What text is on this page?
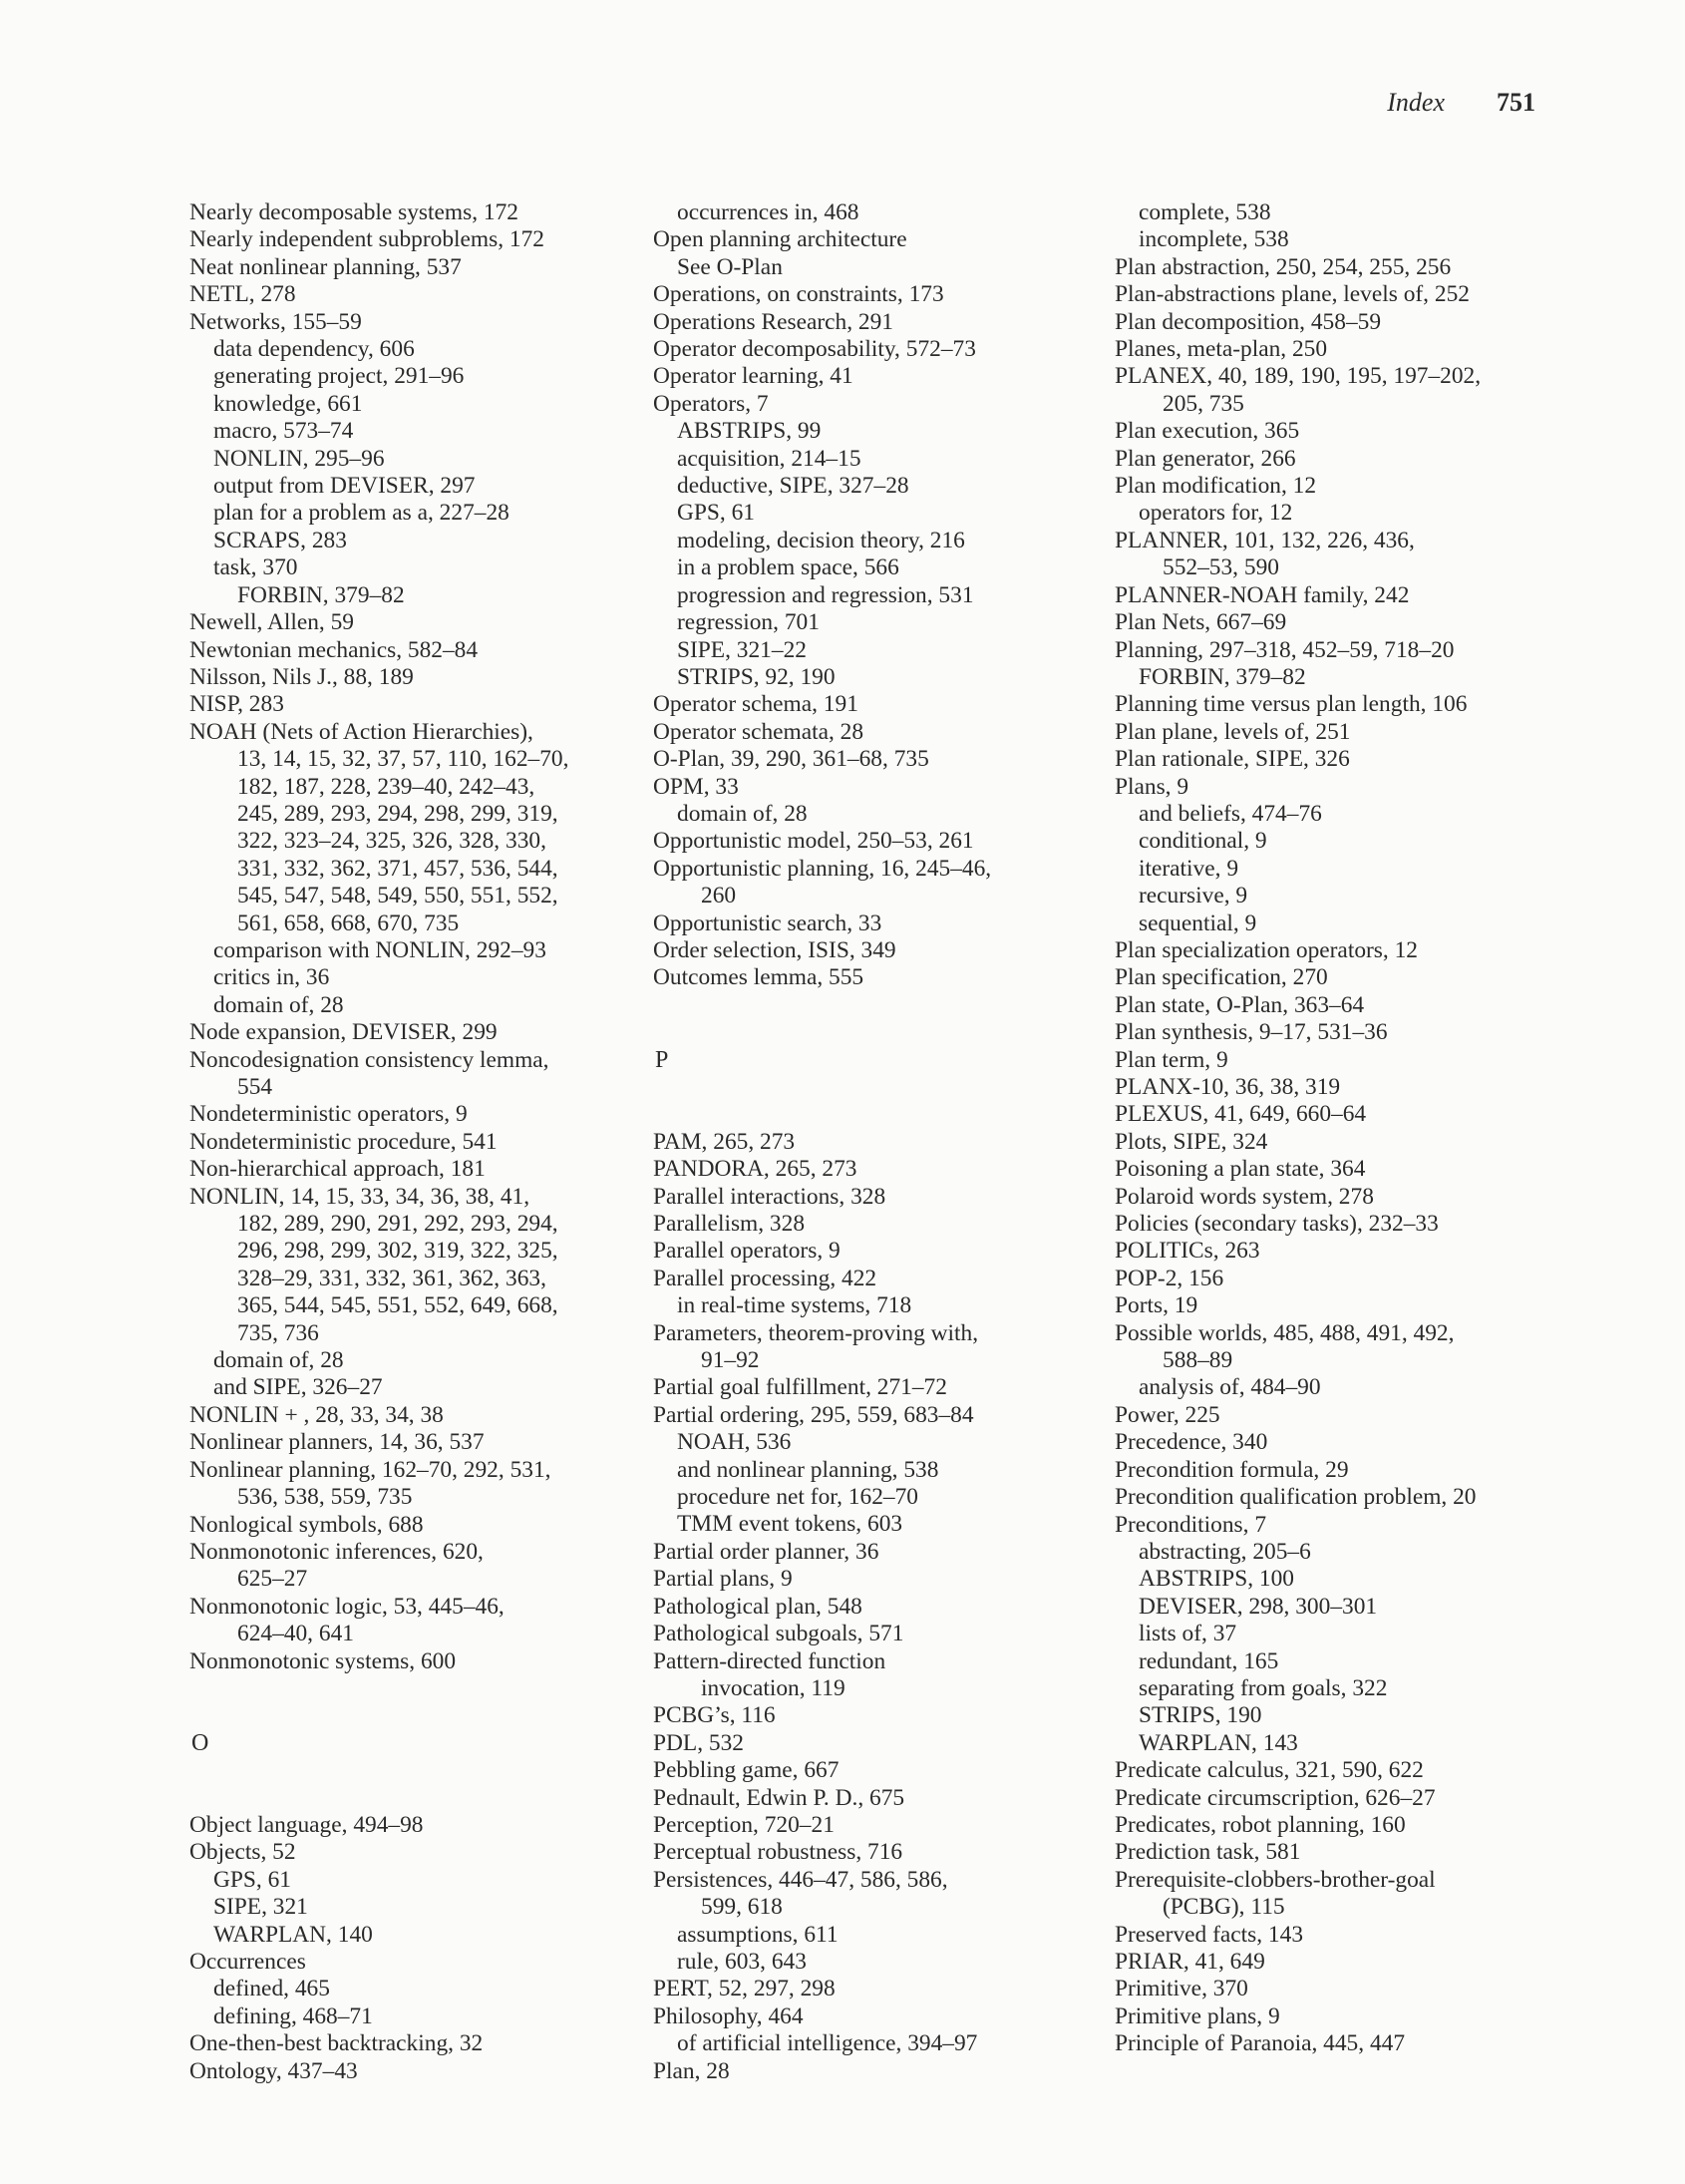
Index 751
Nearly decomposable systems, 172
Nearly independent subproblems, 172
Neat nonlinear planning, 537
NETL, 278
Networks, 155–59
data dependency, 606
generating project, 291–96
knowledge, 661
macro, 573–74
NONLIN, 295–96
output from DEVISER, 297
plan for a problem as a, 227–28
SCRAPS, 283
task, 370
FORBIN, 379–82
Newell, Allen, 59
Newtonian mechanics, 582–84
Nilsson, Nils J., 88, 189
NISP, 283
NOAH (Nets of Action Hierarchies),
13, 14, 15, 32, 37, 57, 110, 162–70,
182, 187, 228, 239–40, 242–43,
245, 289, 293, 294, 298, 299, 319,
322, 323–24, 325, 326, 328, 330,
331, 332, 362, 371, 457, 536, 544,
545, 547, 548, 549, 550, 551, 552,
561, 658, 668, 670, 735
comparison with NONLIN, 292–93
critics in, 36
domain of, 28
Node expansion, DEVISER, 299
Noncodesignation consistency lemma,
554
Nondeterministic operators, 9
Nondeterministic procedure, 541
Non-hierarchical approach, 181
NONLIN, 14, 15, 33, 34, 36, 38, 41,
182, 289, 290, 291, 292, 293, 294,
296, 298, 299, 302, 319, 322, 325,
328–29, 331, 332, 361, 362, 363,
365, 544, 545, 551, 552, 649, 668,
735, 736
domain of, 28
and SIPE, 326–27
NONLIN + , 28, 33, 34, 38
Nonlinear planners, 14, 36, 537
Nonlinear planning, 162–70, 292, 531,
536, 538, 559, 735
Nonlogical symbols, 688
Nonmonotonic inferences, 620,
625–27
Nonmonotonic logic, 53, 445–46,
624–40, 641
Nonmonotonic systems, 600
O
Object language, 494–98
Objects, 52
GPS, 61
SIPE, 321
WARPLAN, 140
Occurrences
defined, 465
defining, 468–71
One-then-best backtracking, 32
Ontology, 437–43
occurrences in, 468
Open planning architecture
See O-Plan
Operations, on constraints, 173
Operations Research, 291
Operator decomposability, 572–73
Operator learning, 41
Operators, 7
ABSTRIPS, 99
acquisition, 214–15
deductive, SIPE, 327–28
GPS, 61
modeling, decision theory, 216
in a problem space, 566
progression and regression, 531
regression, 701
SIPE, 321–22
STRIPS, 92, 190
Operator schema, 191
Operator schemata, 28
O-Plan, 39, 290, 361–68, 735
OPM, 33
domain of, 28
Opportunistic model, 250–53, 261
Opportunistic planning, 16, 245–46,
260
Opportunistic search, 33
Order selection, ISIS, 349
Outcomes lemma, 555
P
PAM, 265, 273
PANDORA, 265, 273
Parallel interactions, 328
Parallelism, 328
Parallel operators, 9
Parallel processing, 422
in real-time systems, 718
Parameters, theorem-proving with,
91–92
Partial goal fulfillment, 271–72
Partial ordering, 295, 559, 683–84
NOAH, 536
and nonlinear planning, 538
procedure net for, 162–70
TMM event tokens, 603
Partial order planner, 36
Partial plans, 9
Pathological plan, 548
Pathological subgoals, 571
Pattern-directed function
invocation, 119
PCBG’s, 116
PDL, 532
Pebbling game, 667
Pednault, Edwin P. D., 675
Perception, 720–21
Perceptual robustness, 716
Persistences, 446–47, 586, 586,
599, 618
assumptions, 611
rule, 603, 643
PERT, 52, 297, 298
Philosophy, 464
of artificial intelligence, 394–97
Plan, 28
complete, 538
incomplete, 538
Plan abstraction, 250, 254, 255, 256
Plan-abstractions plane, levels of, 252
Plan decomposition, 458–59
Planes, meta-plan, 250
PLANEX, 40, 189, 190, 195, 197–202,
205, 735
Plan execution, 365
Plan generator, 266
Plan modification, 12
operators for, 12
PLANNER, 101, 132, 226, 436,
552–53, 590
PLANNER-NOAH family, 242
Plan Nets, 667–69
Planning, 297–318, 452–59, 718–20
FORBIN, 379–82
Planning time versus plan length, 106
Plan plane, levels of, 251
Plan rationale, SIPE, 326
Plans, 9
and beliefs, 474–76
conditional, 9
iterative, 9
recursive, 9
sequential, 9
Plan specialization operators, 12
Plan specification, 270
Plan state, O-Plan, 363–64
Plan synthesis, 9–17, 531–36
Plan term, 9
PLANX-10, 36, 38, 319
PLEXUS, 41, 649, 660–64
Plots, SIPE, 324
Poisoning a plan state, 364
Polaroid words system, 278
Policies (secondary tasks), 232–33
POLITICs, 263
POP-2, 156
Ports, 19
Possible worlds, 485, 488, 491, 492,
588–89
analysis of, 484–90
Power, 225
Precedence, 340
Precondition formula, 29
Precondition qualification problem, 20
Preconditions, 7
abstracting, 205–6
ABSTRIPS, 100
DEVISER, 298, 300–301
lists of, 37
redundant, 165
separating from goals, 322
STRIPS, 190
WARPLAN, 143
Predicate calculus, 321, 590, 622
Predicate circumscription, 626–27
Predicates, robot planning, 160
Prediction task, 581
Prerequisite-clobbers-brother-goal
(PCBG), 115
Preserved facts, 143
PRIAR, 41, 649
Primitive, 370
Primitive plans, 9
Principle of Paranoia, 445, 447
